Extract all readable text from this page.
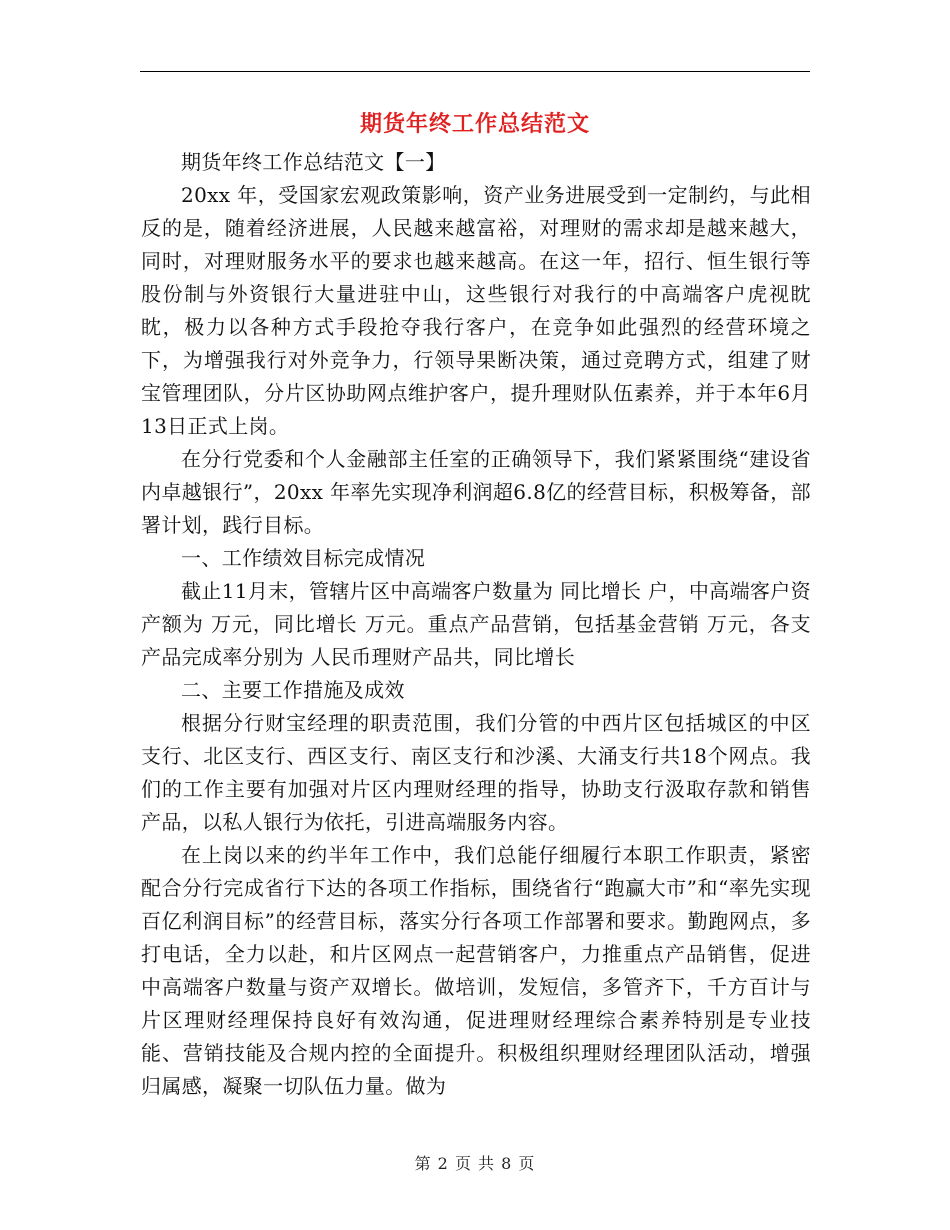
期货年终工作总结范文

期货年终工作总结范文【一】

20xx 年，受国家宏观政策影响，资产业务进展受到一定制约，与此相反的是，随着经济进展，人民越来越富裕，对理财的需求却是越来越大，同时，对理财服务水平的要求也越来越高。在这一年，招行、恒生银行等股份制与外资银行大量进驻中山，这些银行对我行的中高端客户虎视眈眈，极力以各种方式手段抢夺我行客户，在竞争如此强烈的经营环境之下，为增强我行对外竞争力，行领导果断决策，通过竞聘方式，组建了财宝管理团队，分片区协助网点维护客户，提升理财队伍素养，并于本年6月13日正式上岗。

在分行党委和个人金融部主任室的正确领导下，我们紧紧围绕“建设省内卓越银行”，20xx 年率先实现净利润超6.8亿的经营目标，积极筹备，部署计划，践行目标。

一、工作绩效目标完成情况

截止11月末，管辖片区中高端客户数量为 同比增长 户，中高端客户资产额为 万元，同比增长 万元。重点产品营销，包括基金营销 万元，各支产品完成率分别为 人民币理财产品共，同比增长

二、主要工作措施及成效

根据分行财宝经理的职责范围，我们分管的中西片区包括城区的中区支行、北区支行、西区支行、南区支行和沙溪、大涌支行共18个网点。我们的工作主要有加强对片区内理财经理的指导，协助支行汲取存款和销售产品，以私人银行为依托，引进高端服务内容。

在上岗以来的约半年工作中，我们总能仔细履行本职工作职责，紧密配合分行完成省行下达的各项工作指标，围绕省行“跑赢大市”和“率先实现百亿利润目标”的经营目标，落实分行各项工作部署和要求。勤跑网点，多打电话，全力以赴，和片区网点一起营销客户，力推重点产品销售，促进 中高端客户数量与资产双增长。做培训，发短信，多管齐下，千方百计与片区理财经理保持良好有效沟通，促进理财经理综合素养特别是专业技能、营销技能及合规内控的全面提升。积极组织理财经理团队活动，增强归属感，凝聚一切队伍力量。做为

第 2 页 共 8 页
